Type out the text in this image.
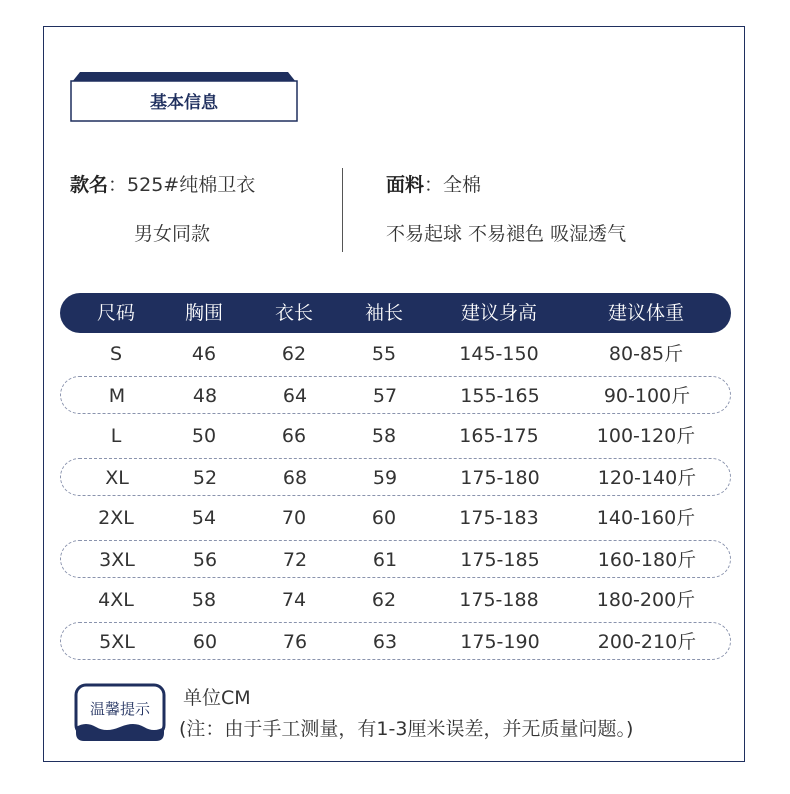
基本信息
款名：525#纯棉卫衣
男女同款
面料：全棉
不易起球 不易褪色 吸湿透气
尺码	胸围	衣长	袖长	建议身高	建议体重
S	46	62	55	145-150	80-85斤
M	48	64	57	155-165	90-100斤
L	50	66	58	165-175	100-120斤
XL	52	68	59	175-180	120-140斤
2XL	54	70	60	175-183	140-160斤
3XL	56	72	61	175-185	160-180斤
4XL	58	74	62	175-188	180-200斤
5XL	60	76	63	175-190	200-210斤
温馨提示	单位CM
(注：由于手工测量，有1-3厘米误差，并无质量问题。)
